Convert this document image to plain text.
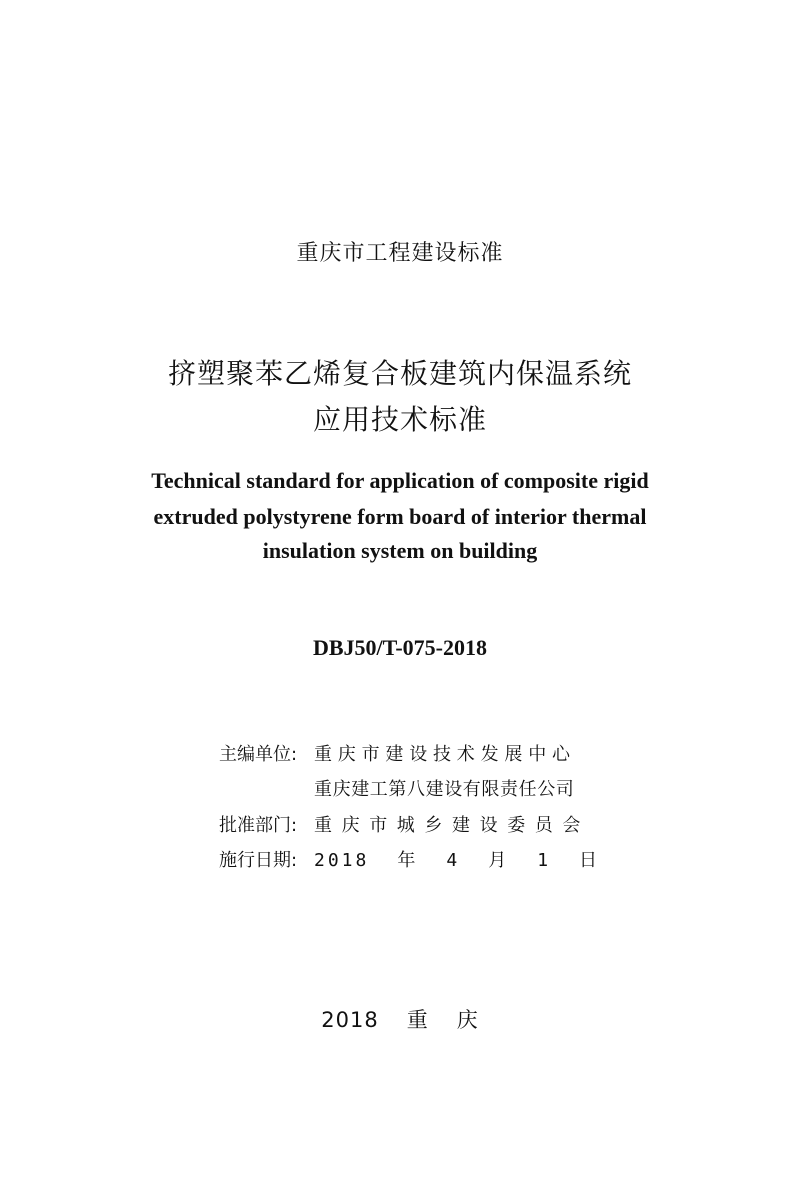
重庆市工程建设标准
挤塑聚苯乙烯复合板建筑内保温系统
应用技术标准
Technical standard for application of composite rigid
extruded polystyrene form board of interior thermal
insulation system on building
DBJ50/T-075-2018
主编单位: 重庆市建设技术发展中心
重庆建工第八建设有限责任公司
批准部门: 重庆市城乡建设委员会
施行日期: 2018 年 4 月 1 日
2018 重 庆
